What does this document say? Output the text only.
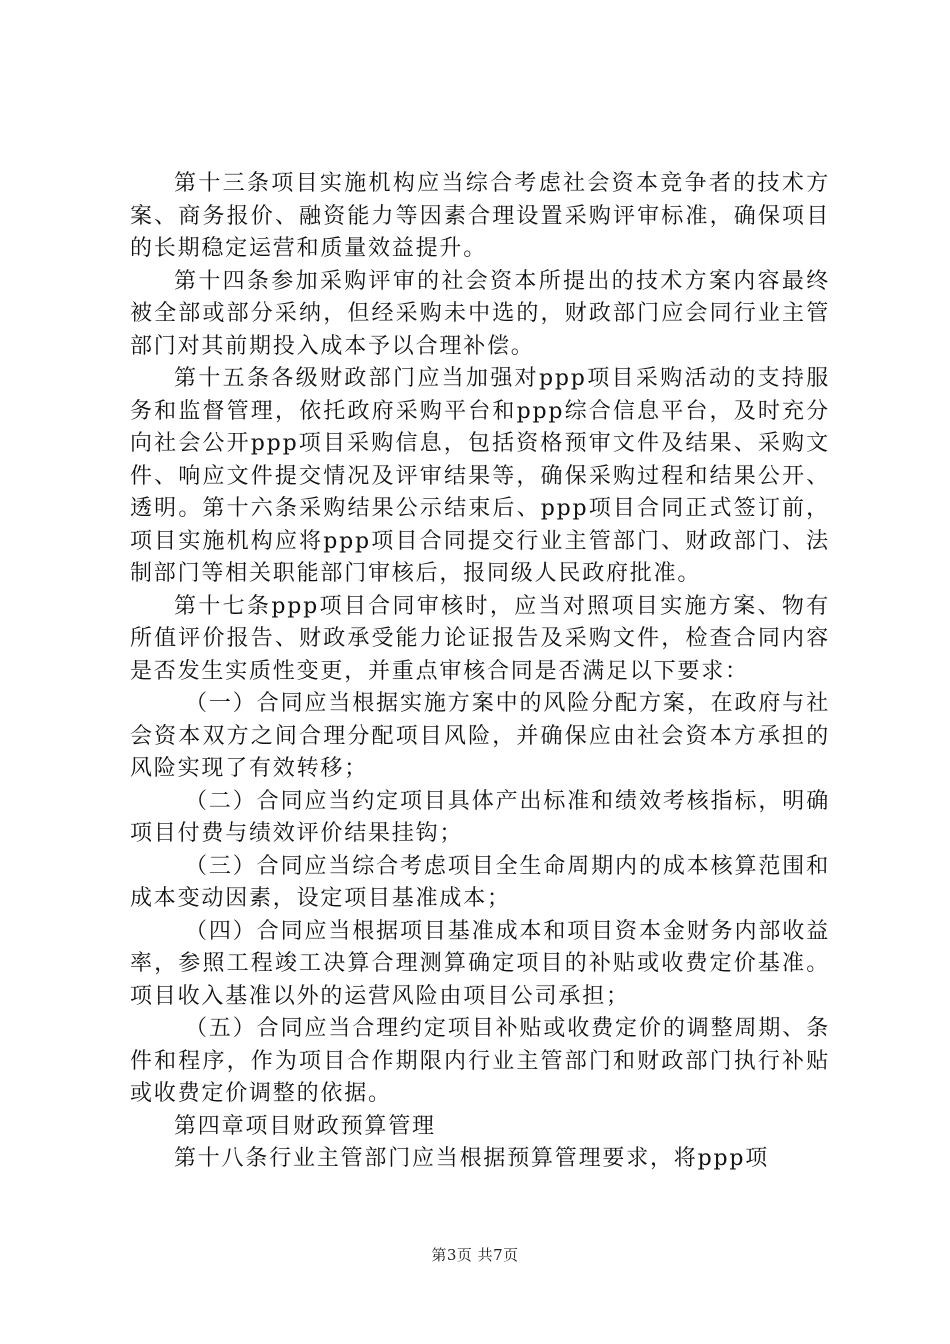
第十三条项目实施机构应当综合考虑社会资本竞争者的技术方案、商务报价、融资能力等因素合理设置采购评审标准，确保项目的长期稳定运营和质量效益提升。

第十四条参加采购评审的社会资本所提出的技术方案内容最终被全部或部分采纳，但经采购未中选的，财政部门应会同行业主管部门对其前期投入成本予以合理补偿。

第十五条各级财政部门应当加强对ppp项目采购活动的支持服务和监督管理，依托政府采购平台和ppp综合信息平台，及时充分向社会公开ppp项目采购信息，包括资格预审文件及结果、采购文件、响应文件提交情况及评审结果等，确保采购过程和结果公开、透明。第十六条采购结果公示结束后、ppp项目合同正式签订前，项目实施机构应将ppp项目合同提交行业主管部门、财政部门、法制部门等相关职能部门审核后，报同级人民政府批准。

第十七条ppp项目合同审核时，应当对照项目实施方案、物有所值评价报告、财政承受能力论证报告及采购文件，检查合同内容是否发生实质性变更，并重点审核合同是否满足以下要求：

（一）合同应当根据实施方案中的风险分配方案，在政府与社会资本双方之间合理分配项目风险，并确保应由社会资本方承担的风险实现了有效转移；

（二）合同应当约定项目具体产出标准和绩效考核指标，明确项目付费与绩效评价结果挂钩；

（三）合同应当综合考虑项目全生命周期内的成本核算范围和成本变动因素，设定项目基准成本；

（四）合同应当根据项目基准成本和项目资本金财务内部收益率，参照工程竣工决算合理测算确定项目的补贴或收费定价基准。项目收入基准以外的运营风险由项目公司承担；

（五）合同应当合理约定项目补贴或收费定价的调整周期、条件和程序，作为项目合作期限内行业主管部门和财政部门执行补贴或收费定价调整的依据。

第四章项目财政预算管理

第十八条行业主管部门应当根据预算管理要求，将ppp项

第3页 共7页
